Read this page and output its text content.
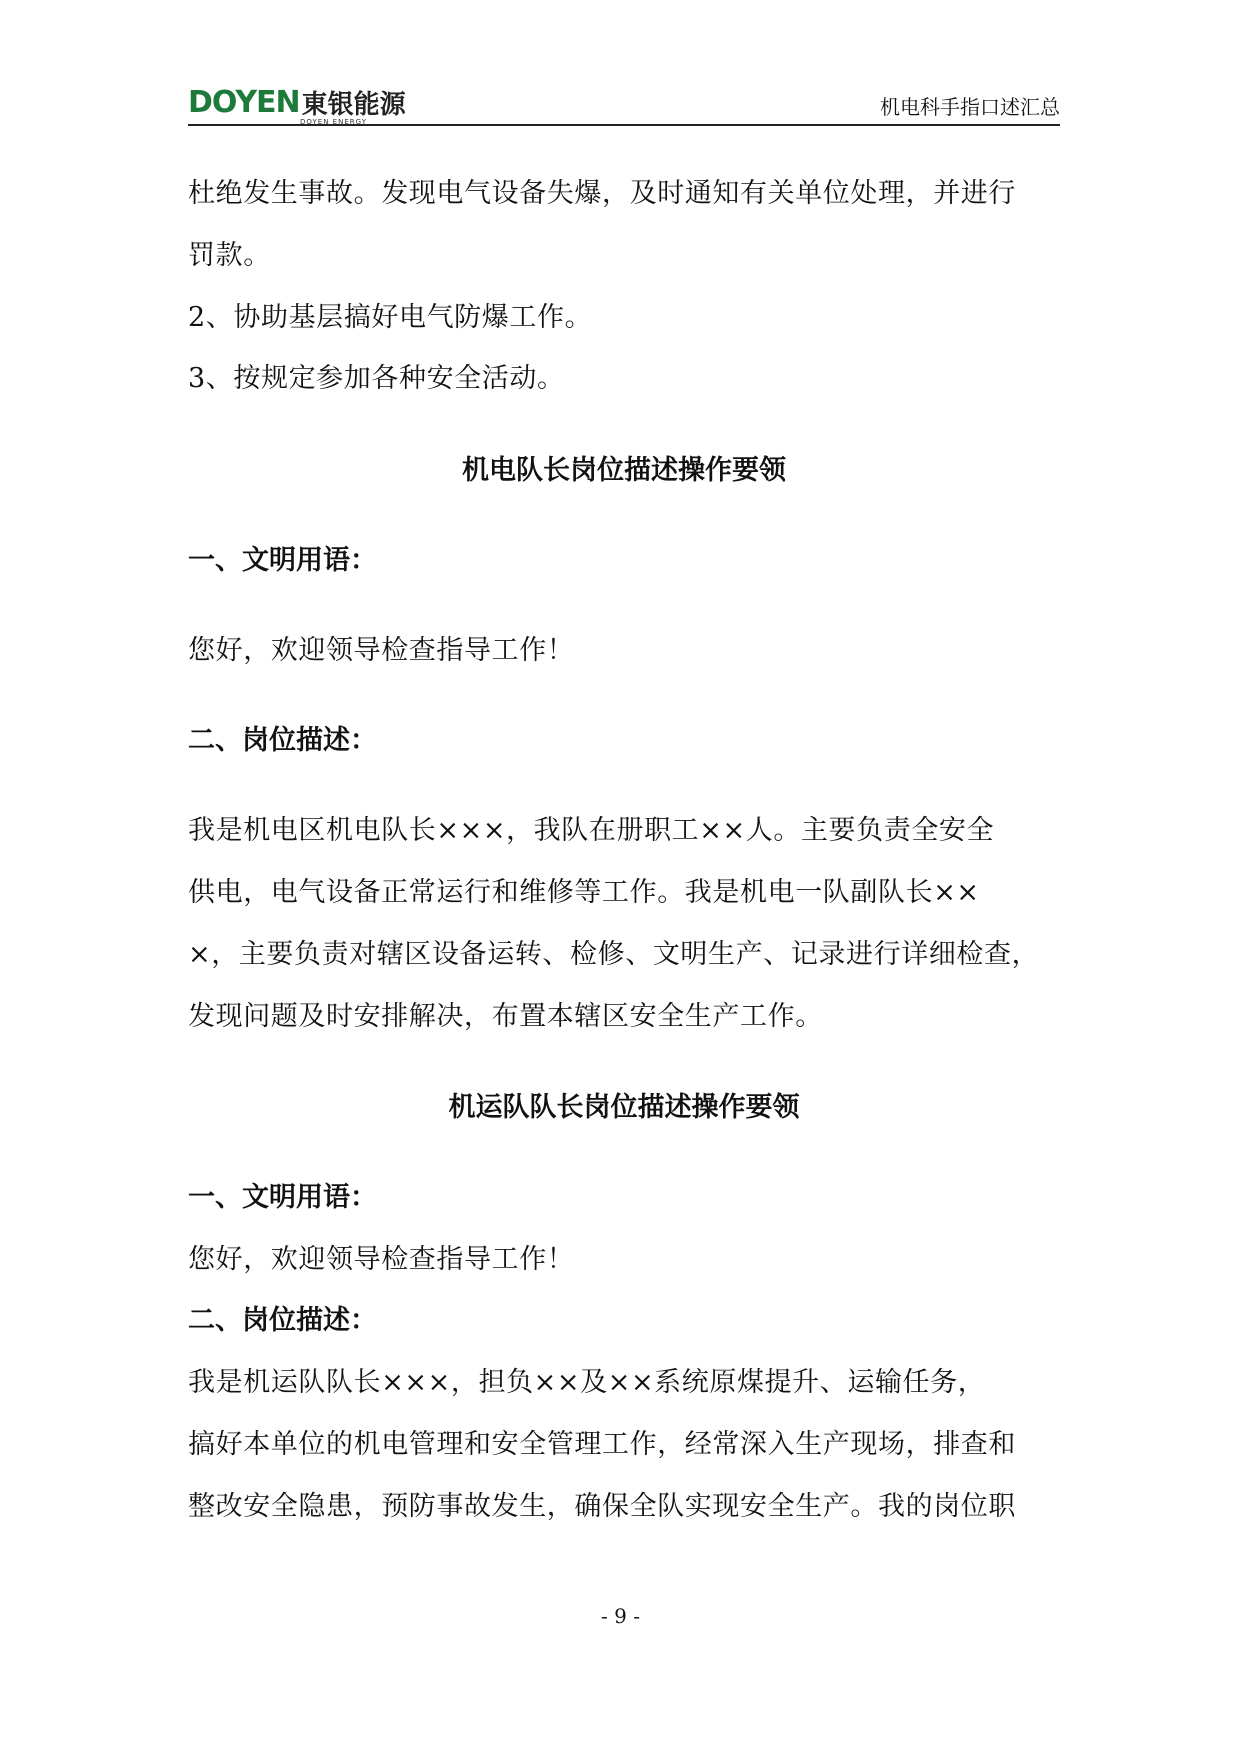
DOYEN 東银能源
DOYEN ENERGY
机电科手指口述汇总
杜绝发生事故。发现电气设备失爆，及时通知有关单位处理，并进行
罚款。
2、协助基层搞好电气防爆工作。
3、按规定参加各种安全活动。
机电队长岗位描述操作要领
一、文明用语：
您好，欢迎领导检查指导工作！
二、岗位描述：
我是机电区机电队长×××，我队在册职工××人。主要负责全安全
供电，电气设备正常运行和维修等工作。我是机电一队副队长××
×，主要负责对辖区设备运转、检修、文明生产、记录进行详细检查，
发现问题及时安排解决，布置本辖区安全生产工作。
机运队队长岗位描述操作要领
一、文明用语：
您好，欢迎领导检查指导工作！
二、岗位描述：
我是机运队队长×××，担负××及××系统原煤提升、运输任务，
搞好本单位的机电管理和安全管理工作，经常深入生产现场，排查和
整改安全隐患，预防事故发生，确保全队实现安全生产。我的岗位职
- 9 -
